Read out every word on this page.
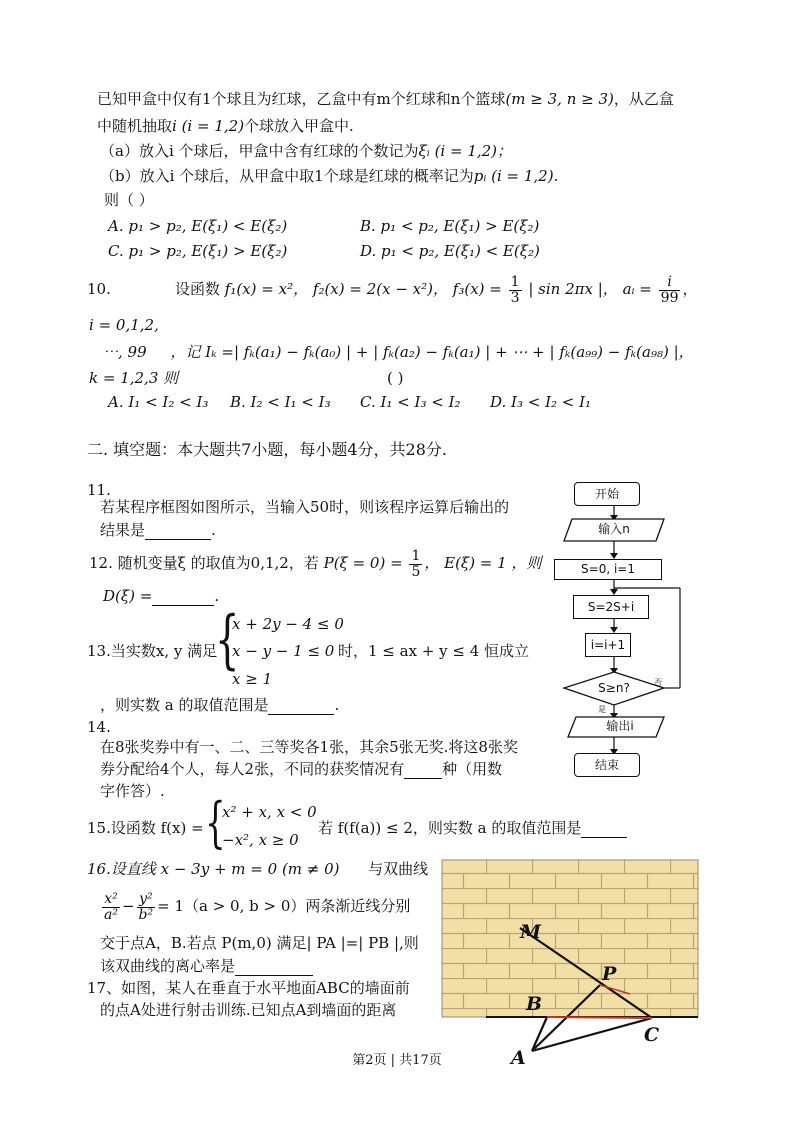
已知甲盒中仅有1个球且为红球，乙盒中有m个红球和n个篮球(m ≥ 3, n ≥ 3)，从乙盒
中随机抽取i (i = 1,2)个球放入甲盒中.
（a）放入i 个球后，甲盒中含有红球的个数记为ξᵢ (i = 1,2)；
（b）放入i 个球后，从甲盒中取1个球是红球的概率记为pᵢ (i = 1,2).
则（ ）
A. p₁ > p₂, E(ξ₁) < E(ξ₂)	B. p₁ < p₂, E(ξ₁) > E(ξ₂)
C. p₁ > p₂, E(ξ₁) > E(ξ₂)	D. p₁ < p₂, E(ξ₁) < E(ξ₂)
10.	设函数 f₁(x) = x²， f₂(x) = 2(x − x²)， $f_3(x) = \frac{1}{3}$ | sin 2πx |， aᵢ = $\frac{i}{99}$ ，
i = 0,1,2,
⋯, 99 ，记 Iₖ =| fₖ(a₁) − fₖ(a₀) | + | fₖ(a₂) − fₖ(a₁) | + ⋯ + | fₖ(a₉₉) − fₖ(a₉₈) |，
k = 1,2,3 则	( )
A. I₁ < I₂ < I₃ B. I₂ < I₁ < I₃ C. I₁ < I₃ < I₂ D. I₃ < I₂ < I₁
二. 填空题：本大题共7小题，每小题4分，共28分.
11.
若某程序框图如图所示，当输入50时，则该程序运算后输出的
结果是	.
12. 随机变量ξ 的取值为0,1,2，若 $P(\xi = 0) = \frac{1}{5}$ ， E(ξ) = 1 ，则
D(ξ) =	.
13.当实数x, y 满足
{
x + 2y − 4 ≤ 0
x − y − 1 ≤ 0
x ≥ 1
时，1 ≤ ax + y ≤ 4 恒成立
，则实数 a 的取值范围是	.
14.
在8张奖券中有一、二、三等奖各1张，其余5张无奖.将这8张奖
券分配给4个人，每人2张，不同的获奖情况有	种（用数
字作答）.
15.设函数 f(x) = {
x² + x, x < 0
−x², x ≥ 0
若 f(f(a)) ≤ 2，则实数 a 的取值范围是
16.设直线 x − 3y + m = 0 (m ≠ 0) 与双曲线
$\frac{\text{x²}}{\text{a²}} - \frac{\text{y²}}{\text{b²}} = 1(a > 0$, b > 0）两条渐近线分别
交于点A，B.若点 P(m,0) 满足| PA |=| PB |,则
该双曲线的离心率是
17、如图，某人在垂直于水平地面ABC的墙面前
的点A处进行射击训练.已知点A到墙面的距离
开始
输入n
S=0, i=1
S=2S+i
i=i+1
S≥n?	否
是
输出i
结束
M
P
B
C
A
第2页 | 共17页
